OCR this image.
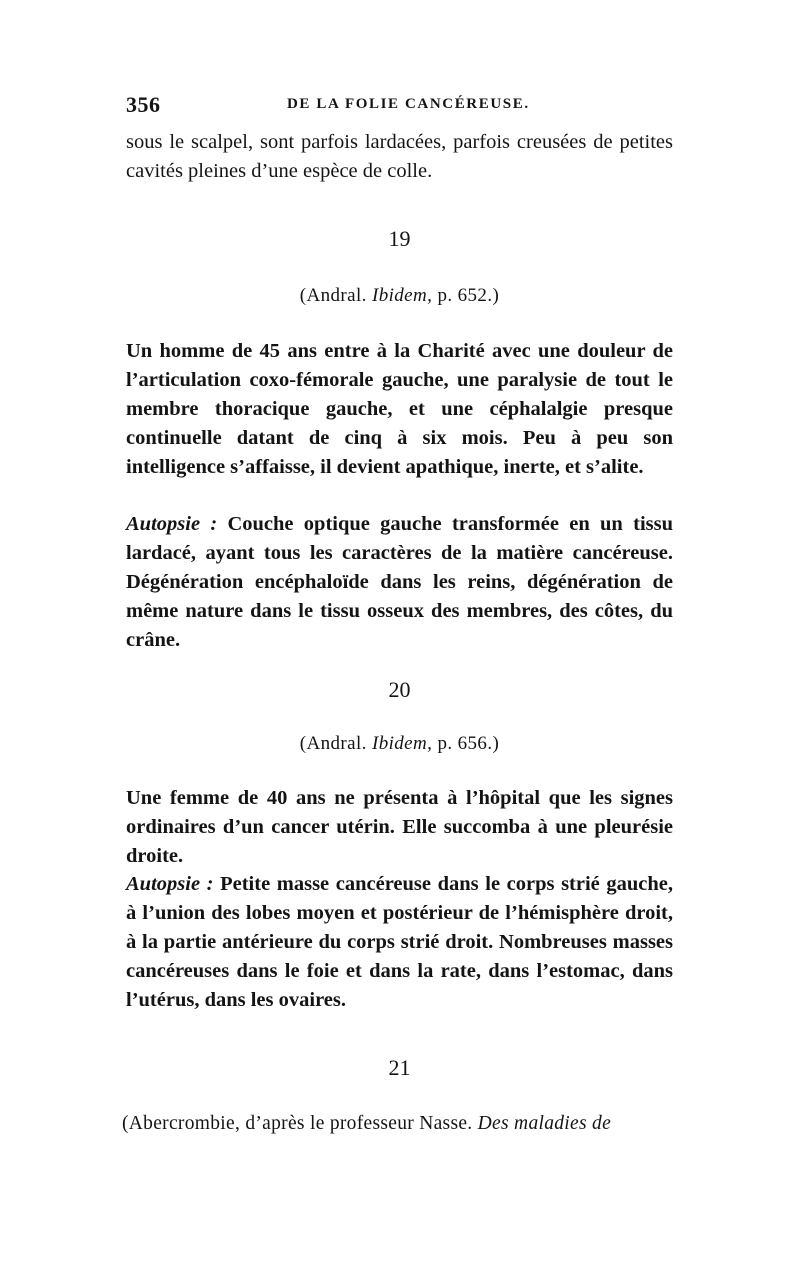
356	DE LA FOLIE CANCÉREUSE.

sous le scalpel, sont parfois lardacées, parfois creusées de petites cavités pleines d’une espèce de colle.

19
(Andral. Ibidem, p. 652.)

Un homme de 45 ans entre à la Charité avec une douleur de l’articulation coxo-fémorale gauche, une paralysie de tout le membre thoracique gauche, et une céphalalgie presque continuelle datant de cinq à six mois. Peu à peu son intelligence s’affaisse, il devient apathique, inerte, et s’alite.

Autopsie : Couche optique gauche transformée en un tissu lardacé, ayant tous les caractères de la matière cancéreuse. Dégénération encéphaloïde dans les reins, dégénération de même nature dans le tissu osseux des membres, des côtes, du crâne.

20
(Andral. Ibidem, p. 656.)

Une femme de 40 ans ne présenta à l’hôpital que les signes ordinaires d’un cancer utérin. Elle succomba à une pleurésie droite.

Autopsie : Petite masse cancéreuse dans le corps strié gauche, à l’union des lobes moyen et postérieur de l’hémisphère droit, à la partie antérieure du corps strié droit. Nombreuses masses cancéreuses dans le foie et dans la rate, dans l’estomac, dans l’utérus, dans les ovaires.

21
(Abercrombie, d’après le professeur Nasse. Des maladies de
